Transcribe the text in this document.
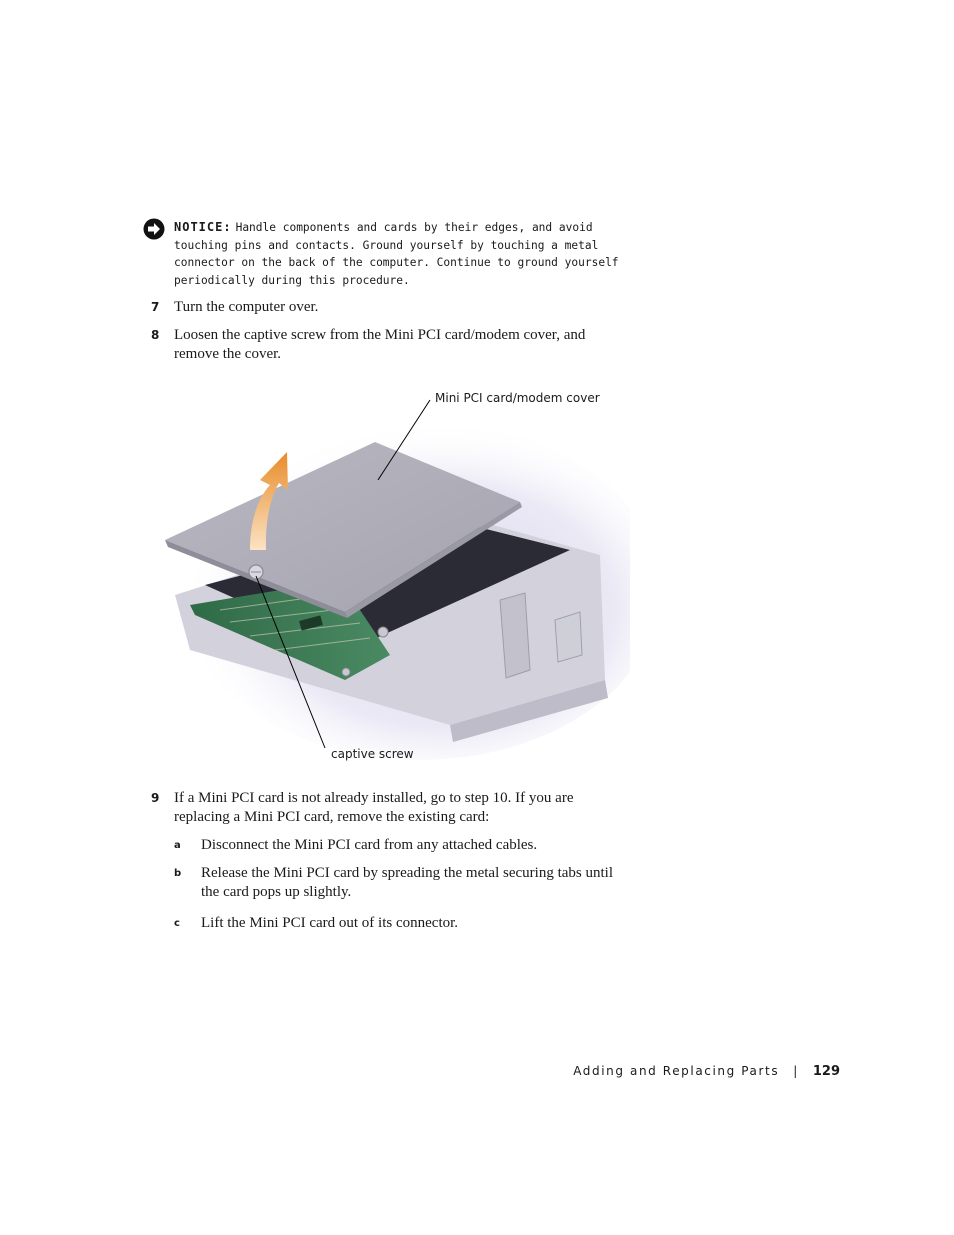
NOTICE: Handle components and cards by their edges, and avoid touching pins and contacts. Ground yourself by touching a metal connector on the back of the computer. Continue to ground yourself periodically during this procedure.
7 Turn the computer over.
8 Loosen the captive screw from the Mini PCI card/modem cover, and remove the cover.
Mini PCI card/modem cover
captive screw
9 If a Mini PCI card is not already installed, go to step 10. If you are replacing a Mini PCI card, remove the existing card:
a Disconnect the Mini PCI card from any attached cables.
b Release the Mini PCI card by spreading the metal securing tabs until the card pops up slightly.
c Lift the Mini PCI card out of its connector.
Adding and Replacing Parts | 129
